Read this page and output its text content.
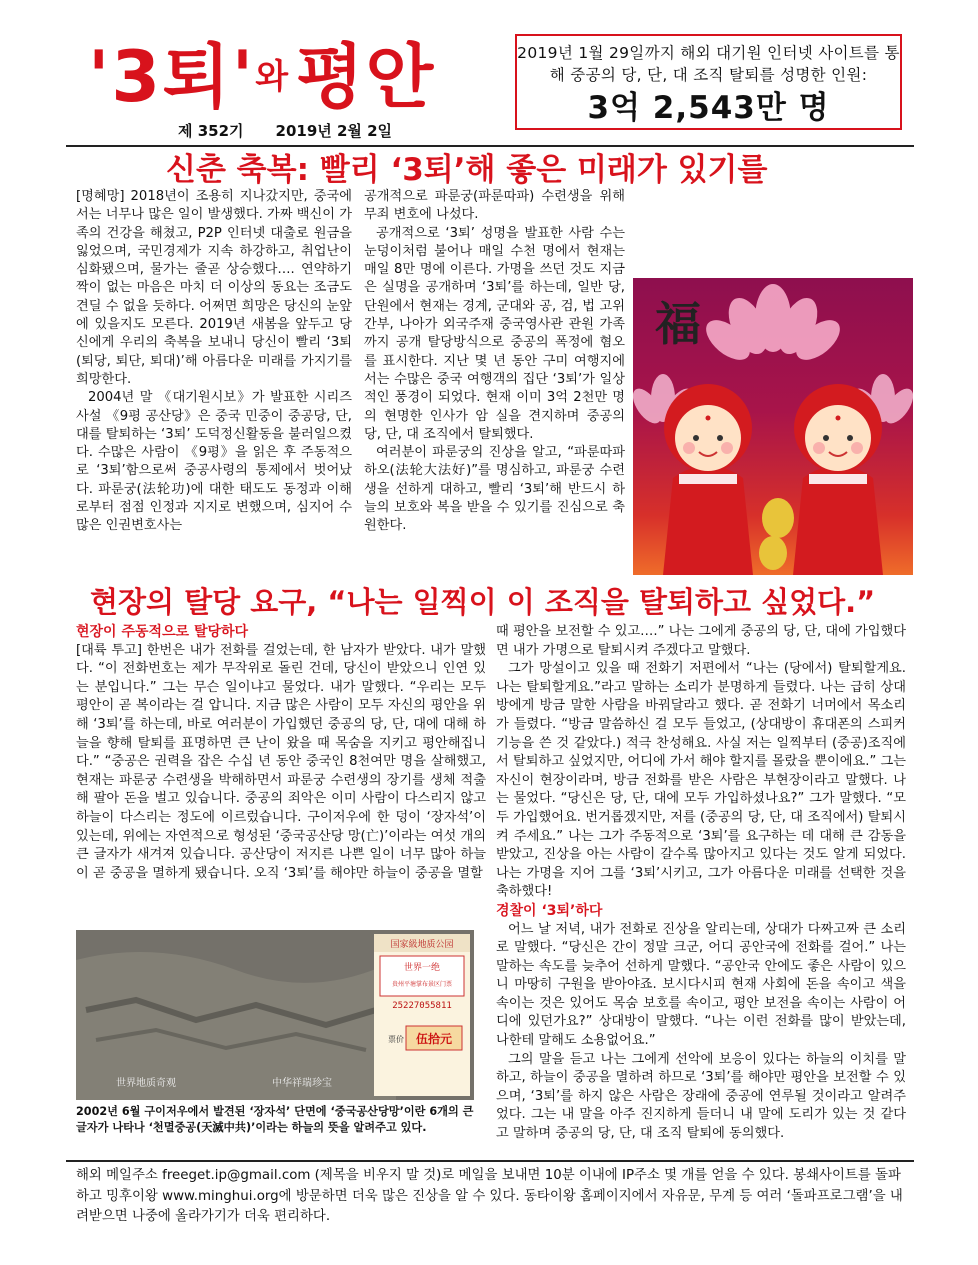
'3퇴'와 평안
제 352기 2019년 2월 2일
2019년 1월 29일까지 해외 대기원 인터넷 사이트를 통해 중공의 당, 단, 대 조직 탈퇴를 성명한 인원:
3억 2,543만 명
신춘 축복: 빨리 ‘3퇴’해 좋은 미래가 있기를

[명혜망] 2018년이 조용히 지나갔지만, 중국에서는 너무나 많은 일이 발생했다. 가짜 백신이 가족의 건강을 해쳤고, P2P 인터넷 대출로 원금을 잃었으며, 국민경제가 지속 하강하고, 취업난이 심화됐으며, 물가는 줄곧 상승했다…. 연약하기 짝이 없는 마음은 마치 더 이상의 동요는 조금도 견딜 수 없을 듯하다. 어쩌면 희망은 당신의 눈앞에 있을지도 모른다. 2019년 새봄을 앞두고 당신에게 우리의 축복을 보내니 당신이 빨리 ‘3퇴(퇴당, 퇴단, 퇴대)’해 아름다운 미래를 가지기를 희망한다.

2004년 말 《대기원시보》가 발표한 시리즈 사설 《9평 공산당》은 중국 민중이 중공당, 단, 대를 탈퇴하는 ‘3퇴’ 도덕정신활동을 불러일으켰다. 수많은 사람이 《9평》을 읽은 후 주동적으로 ‘3퇴’함으로써 중공사령의 통제에서 벗어났다. 파룬궁(法轮功)에 대한 태도도 동정과 이해로부터 점점 인정과 지지로 변했으며, 심지어 수많은 인권변호사는

공개적으로 파룬궁(파룬따파) 수련생을 위해 무죄 변호에 나섰다.

공개적으로 ‘3퇴’ 성명을 발표한 사람 수는 눈덩이처럼 불어나 매일 수천 명에서 현재는 매일 8만 명에 이른다. 가명을 쓰던 것도 지금은 실명을 공개하며 ‘3퇴’를 하는데, 일반 당, 단원에서 현재는 경계, 군대와 공, 검, 법 고위 간부, 나아가 외국주재 중국영사관 관원 가족까지 공개 탈당방식으로 중공의 폭정에 혐오를 표시한다. 지난 몇 년 동안 구미 여행지에서는 수많은 중국 여행객의 집단 ‘3퇴’가 일상적인 풍경이 되었다. 현재 이미 3억 2천만 명의 현명한 인사가 암 실을 견지하며 중공의 당, 단, 대 조직에서 탈퇴했다.

여러분이 파룬궁의 진상을 알고, “파룬따파 하오(法轮大法好)”를 명심하고, 파룬궁 수련생을 선하게 대하고, 빨리 ‘3퇴’해 반드시 하늘의 보호와 복을 받을 수 있기를 진심으로 축원한다.

福
현장의 탈당 요구, “나는 일찍이 이 조직을 탈퇴하고 싶었다.”

현장이 주동적으로 탈당하다

[대륙 투고] 한번은 내가 전화를 걸었는데, 한 남자가 받았다. 내가 말했다. “이 전화번호는 제가 무작위로 돌린 건데, 당신이 받았으니 인연 있는 분입니다.” 그는 무슨 일이냐고 물었다. 내가 말했다. “우리는 모두 평안이 곧 복이라는 걸 압니다. 지금 많은 사람이 모두 자신의 평안을 위해 ‘3퇴’를 하는데, 바로 여러분이 가입했던 중공의 당, 단, 대에 대해 하늘을 향해 탈퇴를 표명하면 큰 난이 왔을 때 목숨을 지키고 평안해집니다.” “중공은 권력을 잡은 수십 년 동안 중국인 8천여만 명을 살해했고, 현재는 파룬궁 수련생을 박해하면서 파룬궁 수련생의 장기를 생체 적출해 팔아 돈을 벌고 있습니다. 중공의 죄악은 이미 사람이 다스리지 않고 하늘이 다스리는 정도에 이르렀습니다. 구이저우에 한 덩이 ‘장자석’이 있는데, 위에는 자연적으로 형성된 ‘중국공산당 망(亡)’이라는 여섯 개의 큰 글자가 새겨져 있습니다. 공산당이 저지른 나쁜 일이 너무 많아 하늘이 곧 중공을 멸하게 됐습니다. 오직 ‘3퇴’를 해야만 하늘이 중공을 멸할

때 평안을 보전할 수 있고….” 나는 그에게 중공의 당, 단, 대에 가입했다면 내가 가명으로 탈퇴시켜 주겠다고 말했다.

그가 망설이고 있을 때 전화기 저편에서 “나는 (당에서) 탈퇴할게요. 나는 탈퇴할게요.”라고 말하는 소리가 분명하게 들렸다. 나는 급히 상대방에게 방금 말한 사람을 바꿔달라고 했다. 곧 전화기 너머에서 목소리가 들렸다. “방금 말씀하신 걸 모두 들었고, (상대방이 휴대폰의 스피커 기능을 쓴 것 같았다.) 적극 찬성해요. 사실 저는 일찍부터 (중공)조직에서 탈퇴하고 싶었지만, 어디에 가서 해야 할지를 몰랐을 뿐이에요.” 그는 자신이 현장이라며, 방금 전화를 받은 사람은 부현장이라고 말했다. 나는 물었다. “당신은 당, 단, 대에 모두 가입하셨나요?” 그가 말했다. “모두 가입했어요. 번거롭겠지만, 저를 (중공의 당, 단, 대 조직에서) 탈퇴시켜 주세요.” 나는 그가 주동적으로 ‘3퇴’를 요구하는 데 대해 큰 감동을 받았고, 진상을 아는 사람이 갈수록 많아지고 있다는 것도 알게 되었다. 나는 가명을 지어 그를 ‘3퇴’시키고, 그가 아름다운 미래를 선택한 것을 축하했다!

경찰이 ‘3퇴’하다

어느 날 저녁, 내가 전화로 진상을 알리는데, 상대가 다짜고짜 큰 소리로 말했다. “당신은 간이 정말 크군, 어디 공안국에 전화를 걸어.” 나는 말하는 속도를 늦추어 선하게 말했다. “공안국 안에도 좋은 사람이 있으니 마땅히 구원을 받아야죠. 보시다시피 현재 사회에 돈을 속이고 색을 속이는 것은 있어도 목숨 보호를 속이고, 평안 보전을 속이는 사람이 어디에 있던가요?” 상대방이 말했다. “나는 이런 전화를 많이 받았는데, 나한테 말해도 소용없어요.”

그의 말을 듣고 나는 그에게 선악에 보응이 있다는 하늘의 이치를 말하고, 하늘이 중공을 멸하려 하므로 ‘3퇴’를 해야만 평안을 보전할 수 있으며, ‘3퇴’를 하지 않은 사람은 장래에 중공에 연루될 것이라고 알려주었다. 그는 내 말을 아주 진지하게 들더니 내 말에 도리가 있는 것 같다고 말하며 중공의 당, 단, 대 조직 탈퇴에 동의했다.

国家級地质公园
世界一绝
贵州平塘掌布景区门票
25227055811
票价 伍拾元
世界地质奇观	中华祥瑞珍宝
2002년 6월 구이저우에서 발견된 ‘장자석’ 단면에 ‘중국공산당망’이란 6개의 큰 글자가 나타나 ‘천멸중공(天滅中共)’이라는 하늘의 뜻을 알려주고 있다.
해외 메일주소 freeget.ip@gmail.com (제목을 비우지 말 것)로 메일을 보내면 10분 이내에 IP주소 몇 개를 얻을 수 있다. 봉쇄사이트를 돌파하고 밍후이왕 www.minghui.org에 방문하면 더욱 많은 진상을 알 수 있다. 동타이왕 홈페이지에서 자유문, 무계 등 여러 ‘돌파프로그램’을 내려받으면 나중에 올라가기가 더욱 편리하다.
